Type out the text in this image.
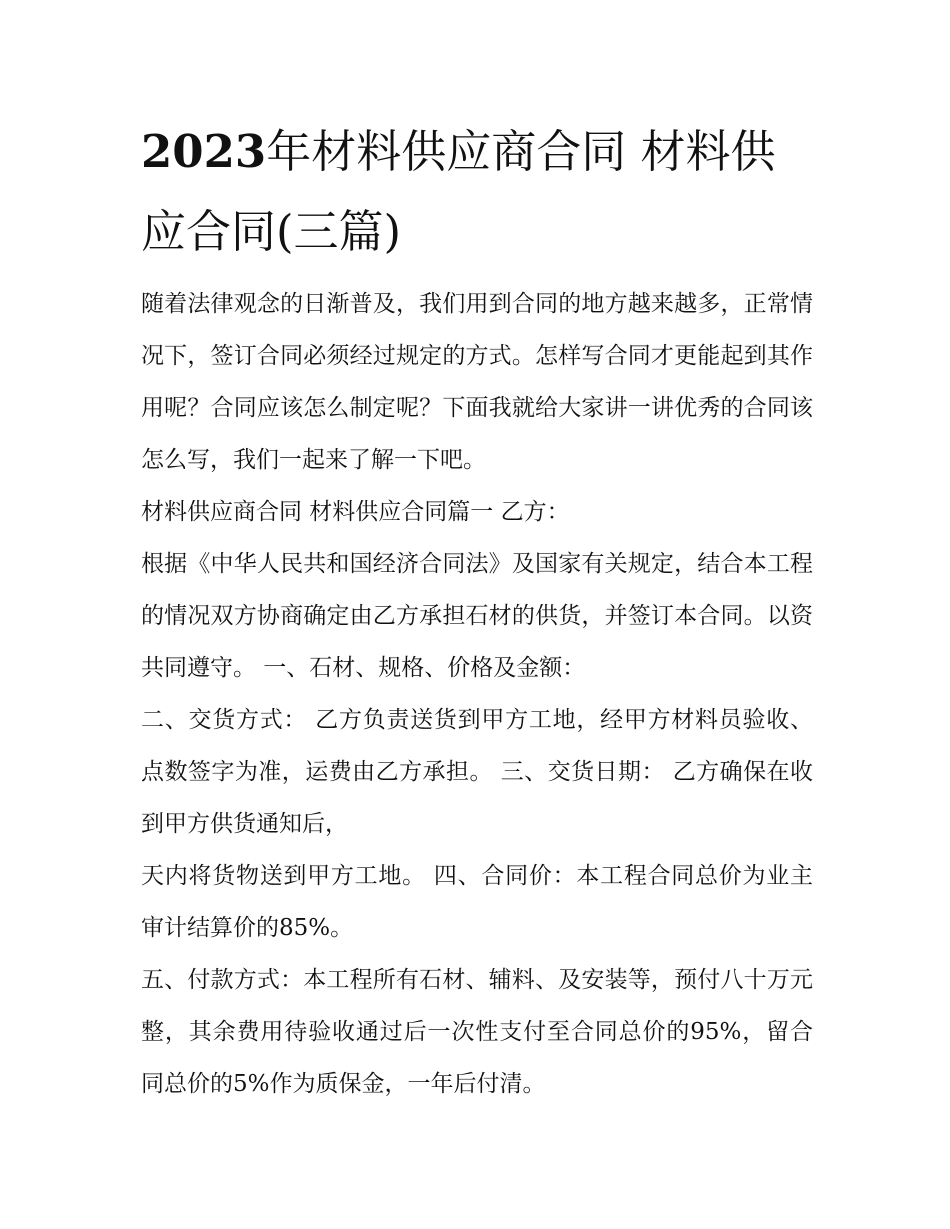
2023年材料供应商合同 材料供应合同(三篇)

随着法律观念的日渐普及，我们用到合同的地方越来越多，正常情况下，签订合同必须经过规定的方式。怎样写合同才更能起到其作用呢？合同应该怎么制定呢？下面我就给大家讲一讲优秀的合同该怎么写，我们一起来了解一下吧。

材料供应商合同 材料供应合同篇一 乙方：

根据《中华人民共和国经济合同法》及国家有关规定，结合本工程的情况双方协商确定由乙方承担石材的供货，并签订本合同。以资共同遵守。 一、石材、规格、价格及金额：

二、交货方式： 乙方负责送货到甲方工地，经甲方材料员验收、点数签字为准，运费由乙方承担。 三、交货日期： 乙方确保在收到甲方供货通知后，

天内将货物送到甲方工地。 四、合同价：本工程合同总价为业主审计结算价的85%。

五、付款方式：本工程所有石材、辅料、及安装等，预付八十万元整，其余费用待验收通过后一次性支付至合同总价的95%，留合同总价的5%作为质保金，一年后付清。
